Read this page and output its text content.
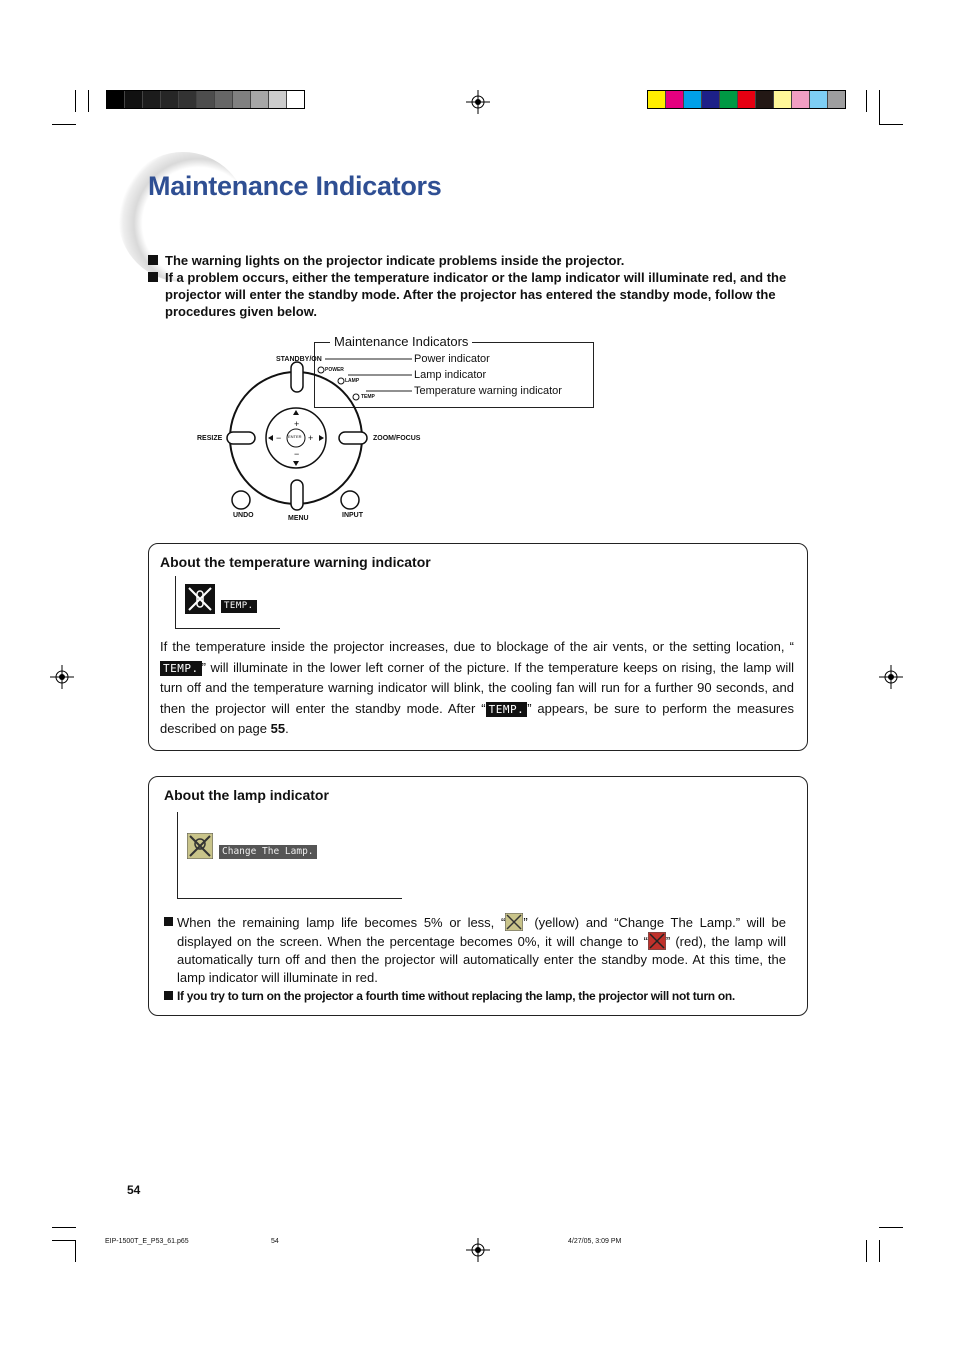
Maintenance Indicators
The warning lights on the projector indicate problems inside the projector.
If a problem occurs, either the temperature indicator or the lamp indicator will illuminate red, and the projector will enter the standby mode. After the projector has entered the standby mode, follow the procedures given below.
Maintenance Indicators
Power indicator
Lamp indicator
Temperature warning indicator
+
−
−	+
STANDBY/ON
POWER
LAMP
TEMP
RESIZE	ZOOM/FOCUS
UNDO	MENU	INPUT
ENTER
About the temperature warning indicator
TEMP.
If the temperature inside the projector increases, due to blockage of the air vents, or the setting location, “TEMP. ” will illuminate in the lower left corner of the picture. If the temperature keeps on rising, the lamp will turn off and the temperature warning indicator will blink, the cooling fan will run for a further 90 seconds, and then the projector will enter the standby mode. After “ TEMP. ” appears, be sure to perform the measures described on page 55.
About the lamp indicator
Change The Lamp.
When the remaining lamp life becomes 5% or less, “ ” (yellow) and “Change The Lamp.” will be displayed on the screen. When the percentage becomes 0%, it will change to “ ” (red), the lamp will automatically turn off and then the projector will automatically enter the standby mode. At this time, the lamp indicator will illuminate in red.
If you try to turn on the projector a fourth time without replacing the lamp, the projector will not turn on.
54
EIP-1500T_E_P53_61.p65	54	4/27/05, 3:09 PM
